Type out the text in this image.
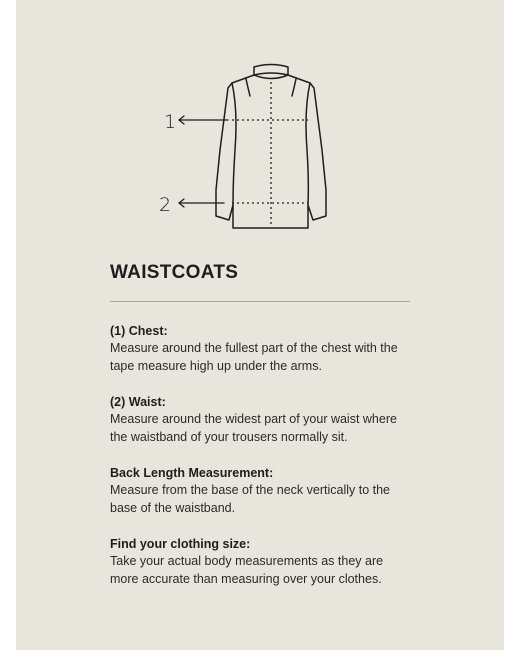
1
2
WAISTCOATS
(1) Chest:
Measure around the fullest part of the chest with the
tape measure high up under the arms.
(2) Waist:
Measure around the widest part of your waist where
the waistband of your trousers normally sit.
Back Length Measurement:
Measure from the base of the neck vertically to the
base of the waistband.
Find your clothing size:
Take your actual body measurements as they are
more accurate than measuring over your clothes.
